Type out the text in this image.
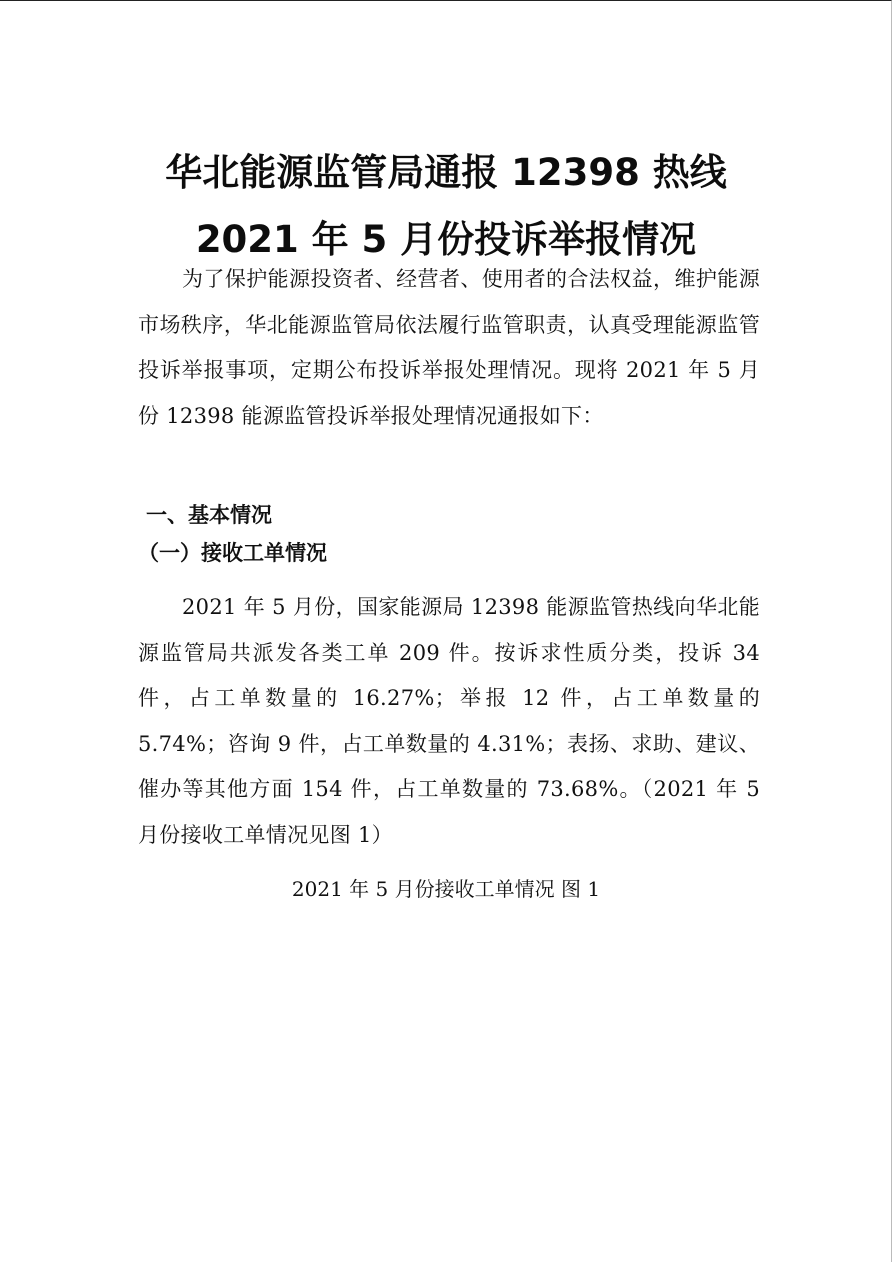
华北能源监管局通报 12398 热线
2021 年 5 月份投诉举报情况

为了保护能源投资者、经营者、使用者的合法权益，维护能源市场秩序，华北能源监管局依法履行监管职责，认真受理能源监管投诉举报事项，定期公布投诉举报处理情况。现将 2021 年 5 月份 12398 能源监管投诉举报处理情况通报如下：

一、基本情况
（一）接收工单情况

2021 年 5 月份，国家能源局 12398 能源监管热线向华北能源监管局共派发各类工单 209 件。按诉求性质分类，投诉 34 件，占工单数量的 16.27%；举报 12 件，占工单数量的 5.74%；咨询 9 件，占工单数量的 4.31%；表扬、求助、建议、催办等其他方面 154 件，占工单数量的 73.68%。（2021 年 5 月份接收工单情况见图 1）

2021 年 5 月份接收工单情况 图 1
